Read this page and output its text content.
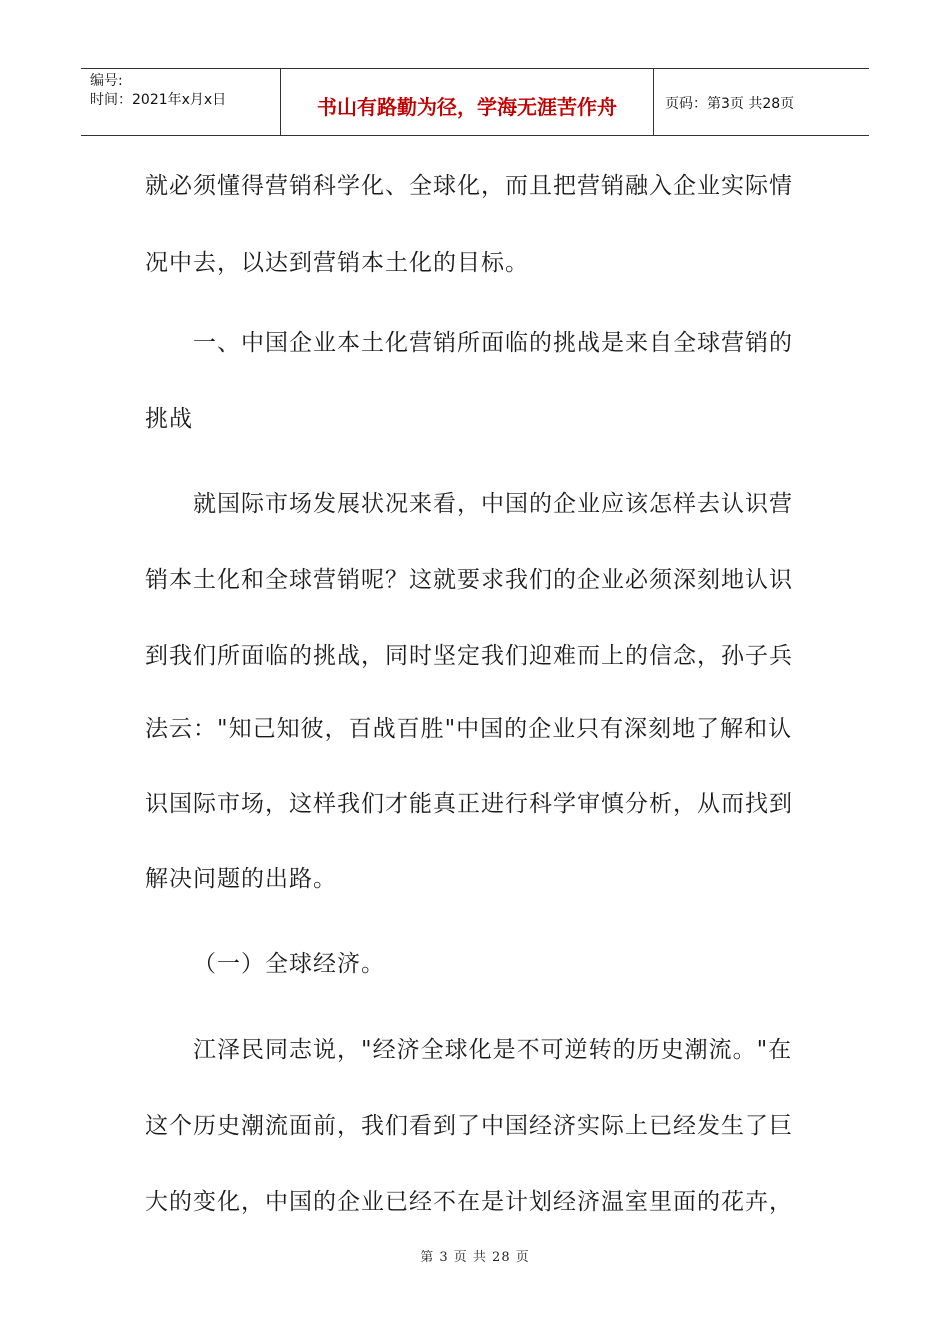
编号:
时间：2021年x月x日	书山有路勤为径，学海无涯苦作舟	页码：第3页 共28页
就必须懂得营销科学化、全球化，而且把营销融入企业实际情
况中去，以达到营销本土化的目标。
一、中国企业本土化营销所面临的挑战是来自全球营销的
挑战
就国际市场发展状况来看，中国的企业应该怎样去认识营
销本土化和全球营销呢？这就要求我们的企业必须深刻地认识
到我们所面临的挑战，同时坚定我们迎难而上的信念，孙子兵
法云："知己知彼，百战百胜"中国的企业只有深刻地了解和认
识国际市场，这样我们才能真正进行科学审慎分析，从而找到
解决问题的出路。
（一）全球经济。
江泽民同志说，"经济全球化是不可逆转的历史潮流。"在
这个历史潮流面前，我们看到了中国经济实际上已经发生了巨
大的变化，中国的企业已经不在是计划经济温室里面的花卉，
第 3 页 共 28 页
